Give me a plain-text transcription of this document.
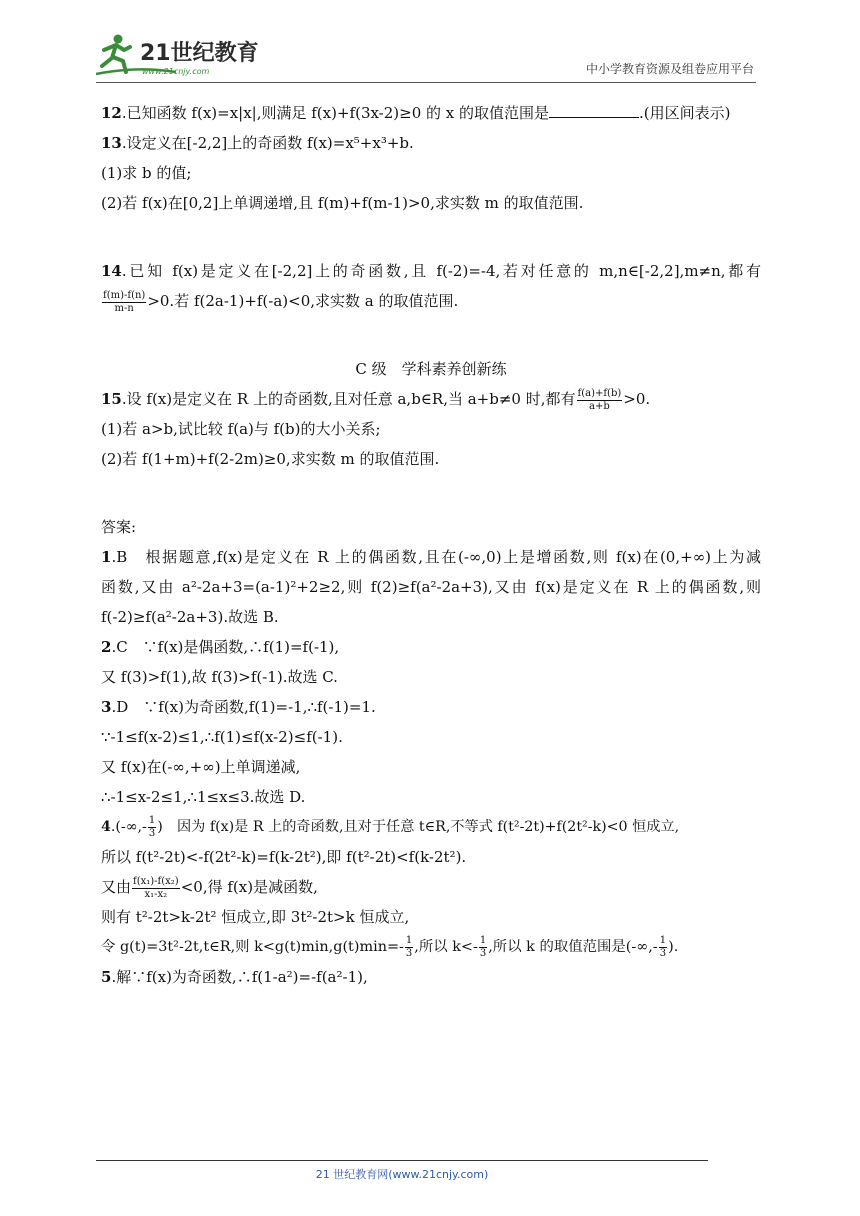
21世纪教育
www.21cnjy.com	中小学教育资源及组卷应用平台
12.已知函数 f(x)=x|x|,则满足 f(x)+f(3x-2)≥0 的 x 的取值范围是	.(用区间表示)
13.设定义在[-2,2]上的奇函数 f(x)=x⁵+x³+b.
(1)求 b 的值;
(2)若 f(x)在[0,2]上单调递增,且 f(m)+f(m-1)>0,求实数 m 的取值范围.
14.已知 f(x)是定义在[-2,2]上的奇函数,且 f(-2)=-4,若对任意的 m,n∈[-2,2],m≠n,都有
$\frac{f(m)-f(n)}{m-n} >0$.若 f(2a-1)+f(-a)<0,求实数 a 的取值范围.
C 级　学科素养创新练
15.设 f(x)是定义在 R 上的奇函数,且对任意 a,b∈R,当 a+b≠0 时,都有 $\frac{f(a)+f(b)}{a+b} >0$.
(1)若 a>b,试比较 f(a)与 f(b)的大小关系;
(2)若 f(1+m)+f(2-2m)≥0,求实数 m 的取值范围.
答案:
1.B　根据题意,f(x)是定义在 R 上的偶函数,且在(-∞,0)上是增函数,则 f(x)在(0,+∞)上为减
函数,又由 a²-2a+3=(a-1)²+2≥2,则 f(2)≥f(a²-2a+3),又由 f(x)是定义在 R 上的偶函数,则
f(-2)≥f(a²-2a+3).故选 B.
2.C　∵f(x)是偶函数,∴f(1)=f(-1),
又 f(3)>f(1),故 f(3)>f(-1).故选 C.
3.D　∵f(x)为奇函数,f(1)=-1,∴f(-1)=1.
∵-1≤f(x-2)≤1,∴f(1)≤f(x-2)≤f(-1).
又 f(x)在(-∞,+∞)上单调递减,
∴-1≤x-2≤1,∴1≤x≤3.故选 D.
$4.(-\infty,- \frac{1}{3}$ )　因为 f(x)是 R 上的奇函数,且对于任意 t∈R,不等式 f(t²-2t)+f(2t²-k)<0 恒成立,
所以 f(t²-2t)<-f(2t²-k)=f(k-2t²),即 f(t²-2t)<f(k-2t²).
又由 $\frac{\text{f(x₁)-f(x₂)}}{\text{x₁-x₂}} <0$,得 f(x)是减函数,
则有 t²-2t>k-2t² 恒成立,即 3t²-2t>k 恒成立,
令 g(t)=3t²-2t,t∈R,则 $k<g(t)\min,g(t)\min=- \frac{1}{3}$ ,所以 $k<- \frac{1}{3}$ ,所以 k 的取值范围是(-∞,- $\frac{1}{3}$ ).
5.解∵f(x)为奇函数,∴f(1-a²)=-f(a²-1),
21 世纪教育网(www.21cnjy.com)
